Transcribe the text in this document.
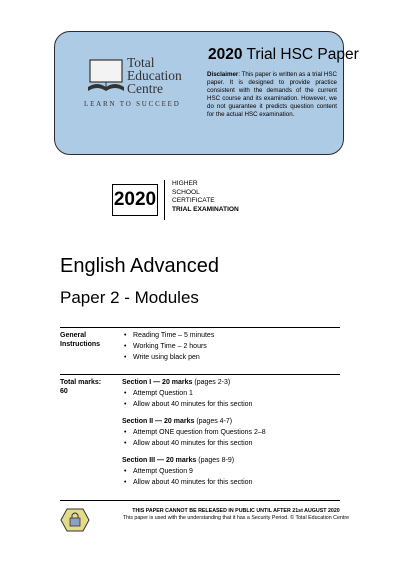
Total
Education
Centre
LEARN TO SUCCEED
2020 Trial HSC Paper
Disclaimer: This paper is written as a trial HSC paper. It is designed to provide practice consistent with the demands of the current HSC course and its examination. However, we do not guarantee it predicts question content for the actual HSC examination.
2020
HIGHER
SCHOOL
CERTIFICATE
TRIAL EXAMINATION
English Advanced
Paper 2 - Modules
General
Instructions
• Reading Time – 5 minutes
• Working Time – 2 hours
• Write using black pen
Total marks:
60
Section I — 20 marks (pages 2-3)
• Attempt Question 1
• Allow about 40 minutes for this section
Section II — 20 marks (pages 4-7)
• Attempt ONE question from Questions 2–8
• Allow about 40 minutes for this section
Section III — 20 marks (pages 8-9)
• Attempt Question 9
• Allow about 40 minutes for this section
THIS PAPER CANNOT BE RELEASED IN PUBLIC UNTIL AFTER 21st AUGUST 2020
This paper is used with the understanding that it has a Security Period. © Total Education Centre
